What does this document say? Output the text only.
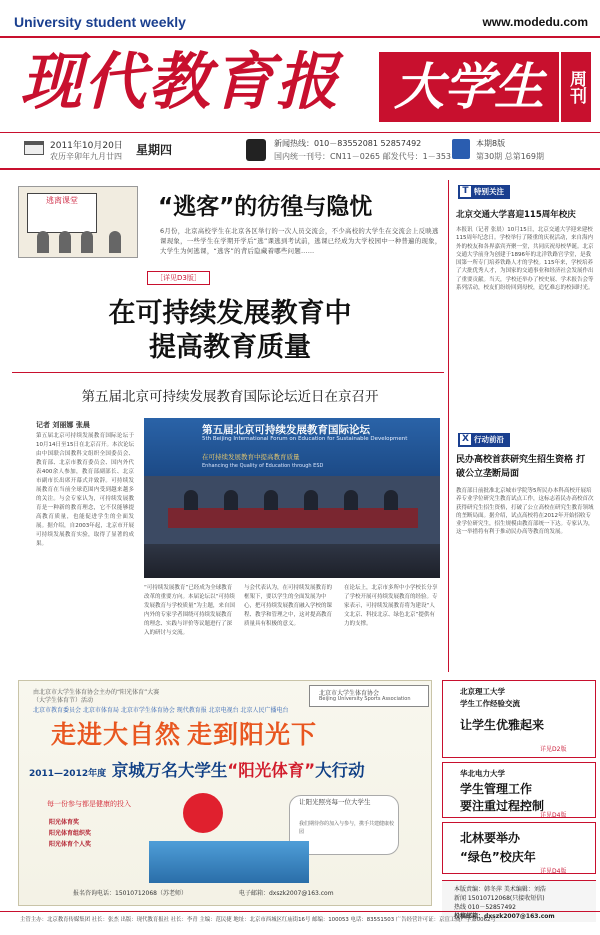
University student weekly	www.modedu.com
现代教育报	大学生	周刊
2011年10月20日
农历辛卯年九月廿四 星期四	新闻热线：010－83552081 52857492
国内统一刊号：CN11－0265 邮发代号：1－353
本期8版
第30期 总第169期
逃离课堂	“逃客”的彷徨与隐忧
6月份，北京高校学生在北京各区举行的一次人员交流会，不少高校的大学生在交流会上反映逃课现象，一些学生在学期开学后“逃”课逃到考试前，逃课已经成为大学校园中一种普遍的现象，大学生为何逃课，“逃客”的背后隐藏着哪些问题……
［详见D3版］
在可持续发展教育中
提高教育质量
第五届北京可持续发展教育国际论坛近日在京召开
记者 刘丽娜 张晨
第五届北京可持续发展教育国际论坛于10月14日至15日在北京召开。本次论坛由中国联合国教科文组织全国委员会、教育部、北京市教育委员会、国内外代表400余人参加，教育部副部长、北京市副市长出席开幕式并致辞。可持续发展教育在当前全球范围内受到越来越多的关注。与会专家认为，可持续发展教育是一种新的教育理念，它不仅能够提高教育质量，也能促进学生的全面发展。据介绍，自2003年起，北京市开展可持续发展教育实验，取得了显著的成果。
第五届北京可持续发展教育国际论坛
5th Beijing International Forum on Education for Sustainable Development
在可持续发展教育中提高教育质量
Enhancing the Quality of Education through ESD
“可持续发展教育”已经成为全球教育改革的重要方向。本届论坛以“可持续发展教育与学校质量”为主题，来自国内外的专家学者围绕可持续发展教育的理念、实践与评价等议题进行了深入的研讨与交流。
与会代表认为，在可持续发展教育的框架下，要以学生的全面发展为中心，把可持续发展教育融入学校的课程、教学和管理之中，这对提高教育质量具有积极的意义。
在论坛上，北京市多所中小学校长分享了学校开展可持续发展教育的经验。专家表示，可持续发展教育将为建设“人文北京、科技北京、绿色北京”提供有力的支撑。
T 特别关注
北京交通大学喜迎115周年校庆
本报讯（记者 张晨）10月15日，北京交通大学迎来建校115周年纪念日。学校举行了隆重的庆祝活动，来自海内外的校友和各界嘉宾齐聚一堂，共同庆祝母校华诞。北京交通大学前身为创建于1896年的北洋铁路官学堂，是我国第一所专门培养铁路人才的学校。115年来，学校培养了大批优秀人才，为国家的交通事业和经济社会发展作出了重要贡献。当天，学校还举办了校史展、学术报告会等系列活动，校友们纷纷回到母校，追忆难忘的校园时光。
X 行动前沿
民办高校首获研究生招生资格 打破公立垄断局面
教育部日前批准北京城市学院等5所民办本科高校开展培养专业学位研究生教育试点工作，这标志着民办高校首次获得研究生招生资格，打破了公立高校在研究生教育领域的垄断局面。据介绍，试点高校将在2012年开始招收专业学位研究生，招生规模由教育部统一下达。专家认为，这一举措将有利于推动民办高等教育的发展。
由北京市大学生体育协会主办的“阳光体育”大赛
（大学生体育节）活动
北京市大学生体育协会
Beijing University Sports Association
北京市教育委员会 北京市体育局 北京市学生体育协会 现代教育报 北京电视台 北京人民广播电台
走进大自然 走到阳光下
2011—2012年度 京城万名大学生“阳光体育”大行动
每一份参与都是健康的投入
阳光体育奖
阳光体育组织奖
阳光体育个人奖
让阳光照亮每一位大学生
我们期待你的加入与参与，携手共建健康校园
报名咨询电话：15010712068（苏老师）	电子邮箱：dxszk2007@163.com
北京理工大学
学生工作经验交流
让学生优雅起来
详见D2版
华北电力大学
学生管理工作
要注重过程控制
详见D4版
北林要举办
“绿色”校庆年
详见D4版
本版责编：韩冬萍 美术编辑：刘浩
新闻 15010712068(只接收短信)
热线 010－52857492
投稿邮箱：dxszk2007@163.com
主管主办：北京教育传媒集团 社长：张杰 出版：现代教育报社 社长：李青 主编：范民捷 地址：北京市西城区红庙街16号 邮编：100053 电话：83551503 广告经营许可证：京宣工商广字第0062号
